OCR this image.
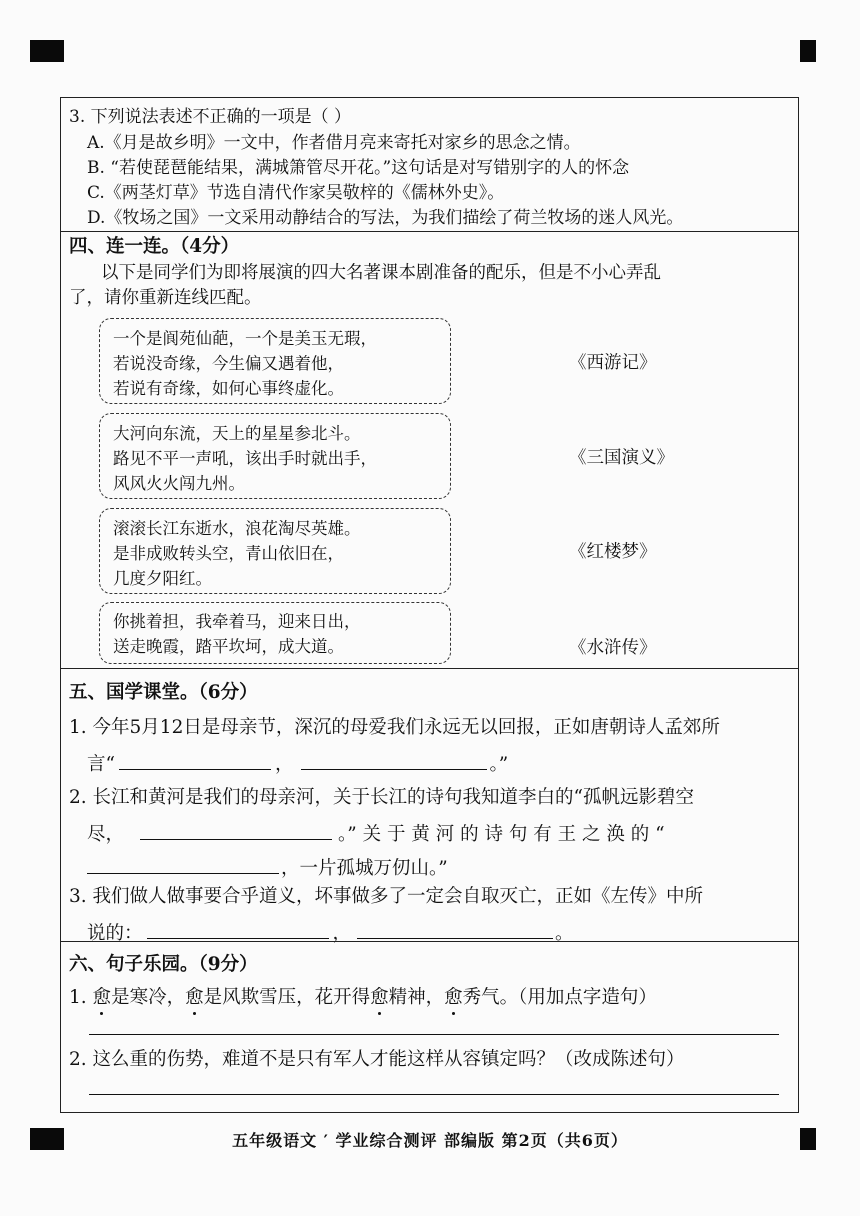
3. 下列说法表述不正确的一项是（ ）
A.《月是故乡明》一文中，作者借月亮来寄托对家乡的思念之情。
B. “若使琵琶能结果，满城箫管尽开花。”这句话是对写错别字的人的怀念
C.《两茎灯草》节选自清代作家吴敬梓的《儒林外史》。
D.《牧场之国》一文采用动静结合的写法，为我们描绘了荷兰牧场的迷人风光。
四、连一连。（4分）
以下是同学们为即将展演的四大名著课本剧准备的配乐，但是不小心弄乱
了，请你重新连线匹配。
一个是阆苑仙葩，一个是美玉无瑕，
若说没奇缘，今生偏又遇着他，
若说有奇缘，如何心事终虚化。
大河向东流，天上的星星参北斗。
路见不平一声吼，该出手时就出手，
风风火火闯九州。
滚滚长江东逝水，浪花淘尽英雄。
是非成败转头空，青山依旧在，
几度夕阳红。
你挑着担，我牵着马，迎来日出，
送走晚霞，踏平坎坷，成大道。
《西游记》
《三国演义》
《红楼梦》
《水浒传》
五、国学课堂。（6分）
1. 今年5月12日是母亲节，深沉的母爱我们永远无以回报，正如唐朝诗人孟郊所
言“	，	。”
2. 长江和黄河是我们的母亲河，关于长江的诗句我知道李白的“孤帆远影碧空
尽，	。” 关 于 黄 河 的 诗 句 有 王 之 涣 的 “
，一片孤城万仞山。”
3. 我们做人做事要合乎道义，坏事做多了一定会自取灭亡，正如《左传》中所
说的：	，	。
六、句子乐园。（9分）
1. 愈是寒冷，愈是风欺雪压，花开得愈精神，愈秀气。（用加点字造句）
2. 这么重的伤势，难道不是只有军人才能这样从容镇定吗？（改成陈述句）
五年级语文 ′ 学业综合测评 部编版 第2页（共6页）
